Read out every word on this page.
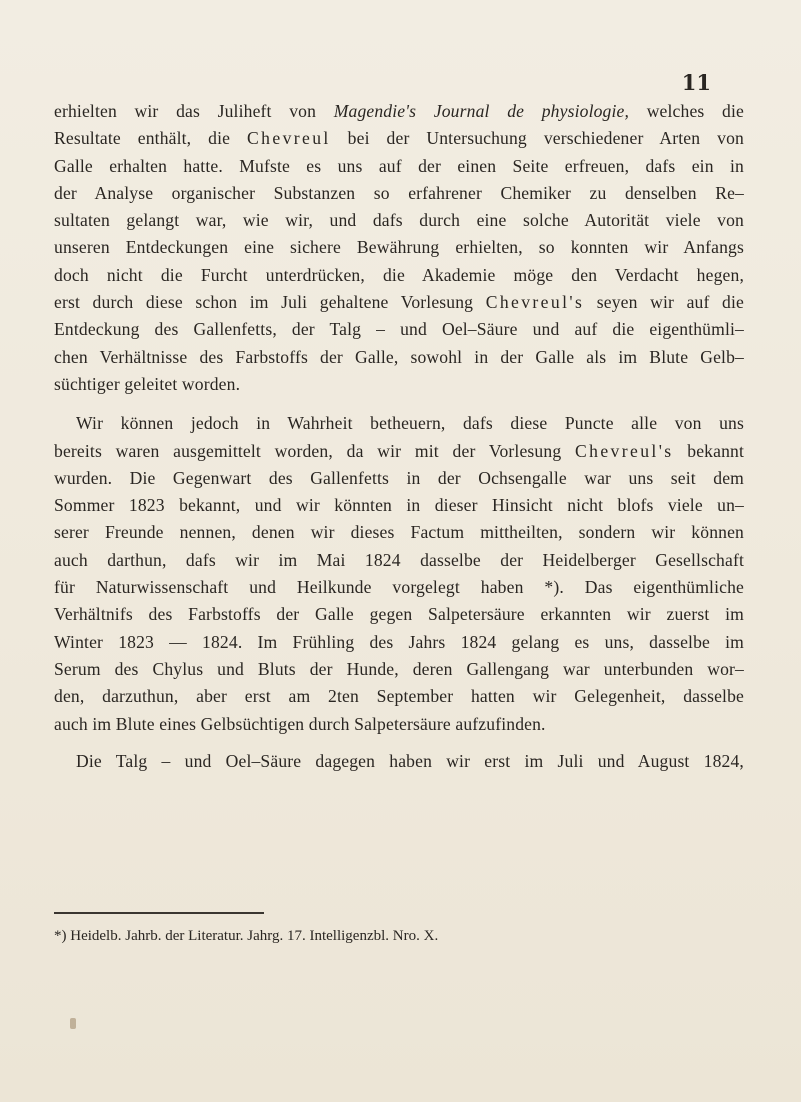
11
erhielten wir das Juliheft von Magendie's Journal de physiologie, welches die
Resultate enthält, die Chevreul bei der Untersuchung verschiedener Arten von
Galle erhalten hatte. Mufste es uns auf der einen Seite erfreuen, dafs ein in
der Analyse organischer Substanzen so erfahrener Chemiker zu denselben Re–
sultaten gelangt war, wie wir, und dafs durch eine solche Autorität viele von
unseren Entdeckungen eine sichere Bewährung erhielten, so konnten wir Anfangs
doch nicht die Furcht unterdrücken, die Akademie möge den Verdacht hegen,
erst durch diese schon im Juli gehaltene Vorlesung Chevreul's seyen wir auf die
Entdeckung des Gallenfetts, der Talg – und Oel–Säure und auf die eigenthümli–
chen Verhältnisse des Farbstoffs der Galle, sowohl in der Galle als im Blute Gelb–
süchtiger geleitet worden.
Wir können jedoch in Wahrheit betheuern, dafs diese Puncte alle von uns
bereits waren ausgemittelt worden, da wir mit der Vorlesung Chevreul's bekannt
wurden. Die Gegenwart des Gallenfetts in der Ochsengalle war uns seit dem
Sommer 1823 bekannt, und wir könnten in dieser Hinsicht nicht blofs viele un–
serer Freunde nennen, denen wir dieses Factum mittheilten, sondern wir können
auch darthun, dafs wir im Mai 1824 dasselbe der Heidelberger Gesellschaft
für Naturwissenschaft und Heilkunde vorgelegt haben *). Das eigenthümliche
Verhältnifs des Farbstoffs der Galle gegen Salpetersäure erkannten wir zuerst im
Winter 1823 — 1824. Im Frühling des Jahrs 1824 gelang es uns, dasselbe im
Serum des Chylus und Bluts der Hunde, deren Gallengang war unterbunden wor–
den, darzuthun, aber erst am 2ten September hatten wir Gelegenheit, dasselbe
auch im Blute eines Gelbsüchtigen durch Salpetersäure aufzufinden.
Die Talg – und Oel–Säure dagegen haben wir erst im Juli und August 1824,
*) Heidelb. Jahrb. der Literatur. Jahrg. 17. Intelligenzbl. Nro. X.
